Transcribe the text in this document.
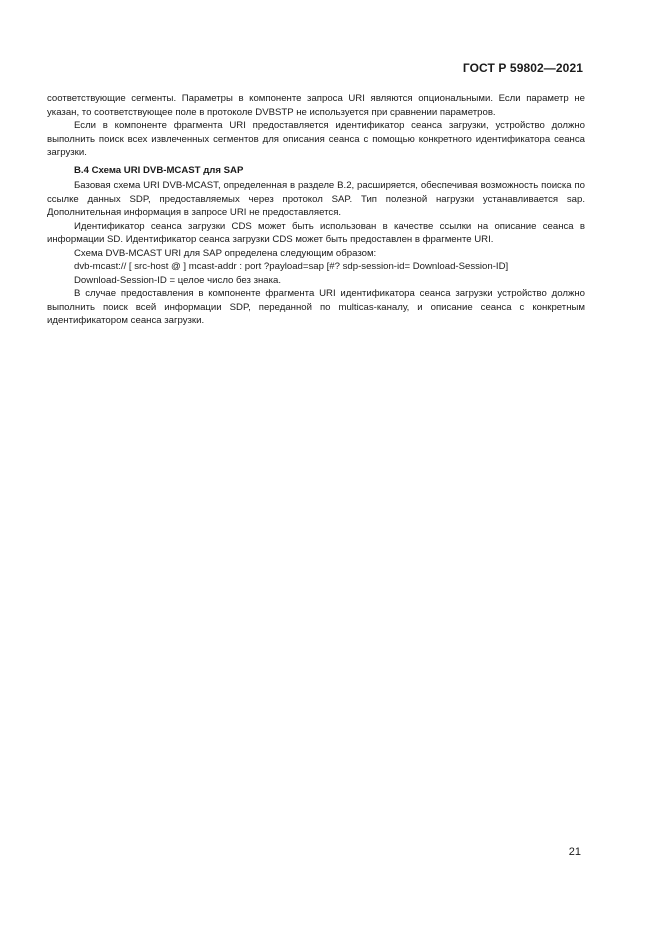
ГОСТ Р 59802—2021

соответствующие сегменты. Параметры в компоненте запроса URI являются опциональными. Если параметр не указан, то соответствующее поле в протоколе DVBSTP не используется при сравнении параметров.

Если в компоненте фрагмента URI предоставляется идентификатор сеанса загрузки, устройство должно выполнить поиск всех извлеченных сегментов для описания сеанса с помощью конкретного идентификатора сеанса загрузки.

В.4 Схема URI DVB-MCAST для SAP

Базовая схема URI DVB-MCAST, определенная в разделе В.2, расширяется, обеспечивая возможность поиска по ссылке данных SDP, предоставляемых через протокол SAP. Тип полезной нагрузки устанавливается sap. Дополнительная информация в запросе URI не предоставляется.

Идентификатор сеанса загрузки CDS может быть использован в качестве ссылки на описание сеанса в информации SD. Идентификатор сеанса загрузки CDS может быть предоставлен в фрагменте URI.

Схема DVB-MCAST URI для SAP определена следующим образом:

dvb-mcast:// [ src-host @ ] mcast-addr : port ?payload=sap [#? sdp-session-id= Download-Session-ID]

Download-Session-ID = целое число без знака.

В случае предоставления в компоненте фрагмента URI идентификатора сеанса загрузки устройство должно выполнить поиск всей информации SDP, переданной по multicas-каналу, и описание сеанса с конкретным идентификатором сеанса загрузки.

21
